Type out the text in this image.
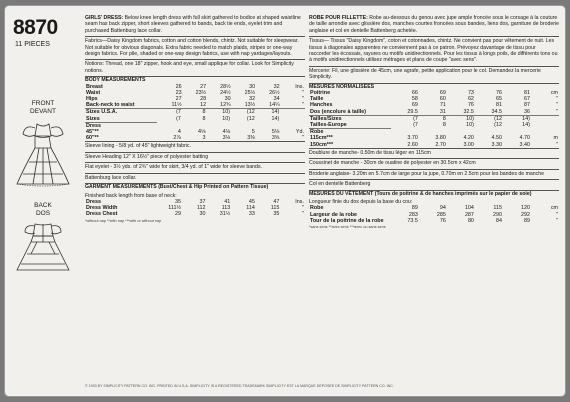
8870
11 PIECES
FRONT
DEVANT
BACK
DOS
GIRLS' DRESS: Below knee length dress with full skirt gathered to bodice at shaped waistline seam has back zipper, short sleeves gathered to bands, back tie ends, eyelet trim and purchased Battenburg lace collar.
Fabrics—Daisy Kingdom fabrics, cotton and cotton blends, chintz. Not suitable for sleepwear. Not suitable for obvious diagonals. Extra fabric needed to match plaids, stripes or one-way design fabrics. For pile, shaded or one-way design fabrics, use with nap yardages/layouts.
Notions: Thread, one 18" zipper, hook and eye, small applique for collar. Look for Simplicity notions.
BODY MEASUREMENTS
Breast	26	27	28½	30	32	Ins.
Waist	23	23½	24½	25½	26½	"
Hips	27	28	30	32	34	"
Back-neck to waist	11½	12	12¾	13½	14¼	"
Sizes U.S.A.	(7	8	10)	(12	14)	
Sizes	(7	8	10)	(12	14)	
Dress						
45"**	4	4⅛	4⅛	5	5⅛	Yd.
60"**	2⅞	3	3⅛	3⅜	3⅝	"
Sleeve lining - 5/8 yd. of 45" lightweight fabric.
Sleeve Heading 12" X 16½" piece of polyester batting
Flat eyelet - 3½ yds. of 2¾" wide for skirt, 3/4 yd. of 1" wide for sleeve bands.
Battenburg lace collar.
GARMENT MEASUREMENTS (Bust/Chest & Hip Printed on Pattern Tissue)
Finished back length from base of neck:
Dress	35	37	41	45	47	Ins.
Dress Width	111½	112	113	114	115	"
Dress Chest	29	30	31½	33	35	"
*without nap **with nap ***with or without nap
ROBE POUR FILLETTE: Robe au-dessous du genou avec jupe ample froncée sous le corsage à la couture de taille arrondie avec glissière dos, manches courtes froncées sous bandes, liens dos, garniture de broderie anglaise et col en dentelle Battenberg achetée.
Tissus— Tissus "Daisy Kingdom", coton et cotonnades, chintz. Ne convient pas pour vêtement de nuit. Les tissus à diagonales apparentes ne conviennent pas à ce patron. Prévoyez davantage de tissu pour raccorder les écossais, rayures ou motifs unidirectionnels. Pour les tissus à longs poils, de différents tons ou à motifs unidirectionnels utilisez métrages et plans de coupe "avec sens".
Mercerie: Fil, une glissière de 45cm, une agrafe, petite application pour le col. Demandez la mercerie Simplicity.
MESURES NORMALISÉES
Poitrine	66	69	73	76	81	cm
Taille	58	60	62	65	67	"
Hanches	69	71	76	81	87	"
Dos (encolure à taille)	29.5	31	32.5	34.5	36	"
Tailles/Sizes	(7	8	10)	(12	14)	
Tailles-Europe	(7	8	10)	(12	14)	
Robe						
115cm***	3.70	3.80	4.20	4.50	4.70	m
150cm***	2.60	2.70	3.00	3.30	3.40	"
Doublure de manche- 0.50m de tissu léger en 115cm
Coussinet de manche - 30cm de ouatine de polyester en 30.5cm x 42cm
Broderie anglaise- 3.20m en 5.7cm de large pour la jupe, 0.70m en 2.5cm pour les bandes de manche
Col en dentelle Battenberg
MESURES DU VÊTEMENT (Tours de poitrine & de hanches imprimés sur le papier de soie)
Longueur finie du dos depuis la base du cou:
Robe	89	94	104	115	120	cm
Largeur de la robe	283	285	287	290	292	"
Tour de la poitrine de la robe	73.5	76	80	84	89	"
*sans sens **avec sens ***avec ou sans sens
© 1993 BY SIMPLICITY PATTERN CO. INC. PRINTED IN U.S.A. SIMPLICITY IS A REGISTERED TRADEMARK SIMPLICITY EST LA MARQUE DÉPOSÉE DE SIMPLICITY PATTERN CO. INC.
